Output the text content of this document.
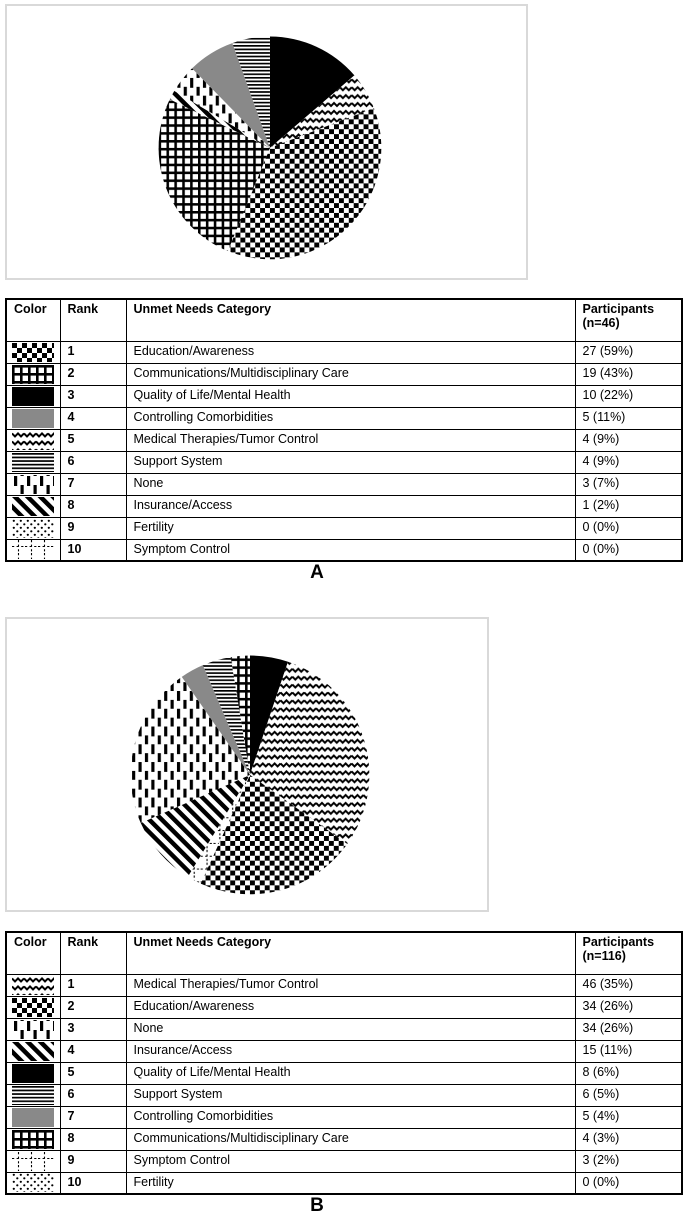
Color	Rank	Unmet Needs Category	Participants
(n=46)

	1	Education/Awareness	27 (59%)

	2	Communications/Multidisciplinary Care	19 (43%)

	3	Quality of Life/Mental Health	10 (22%)

	4	Controlling Comorbidities	5 (11%)

	5	Medical Therapies/Tumor Control	4 (9%)

	6	Support System	4 (9%)

	7	None	3 (7%)

	8	Insurance/Access	1 (2%)

	9	Fertility	0 (0%)

	10	Symptom Control	0 (0%)
A
Color	Rank	Unmet Needs Category	Participants
(n=116)

	1	Medical Therapies/Tumor Control	46 (35%)

	2	Education/Awareness	34 (26%)

	3	None	34 (26%)

	4	Insurance/Access	15 (11%)

	5	Quality of Life/Mental Health	8 (6%)

	6	Support System	6 (5%)

	7	Controlling Comorbidities	5 (4%)

	8	Communications/Multidisciplinary Care	4 (3%)

	9	Symptom Control	3 (2%)

	10	Fertility	0 (0%)
B
